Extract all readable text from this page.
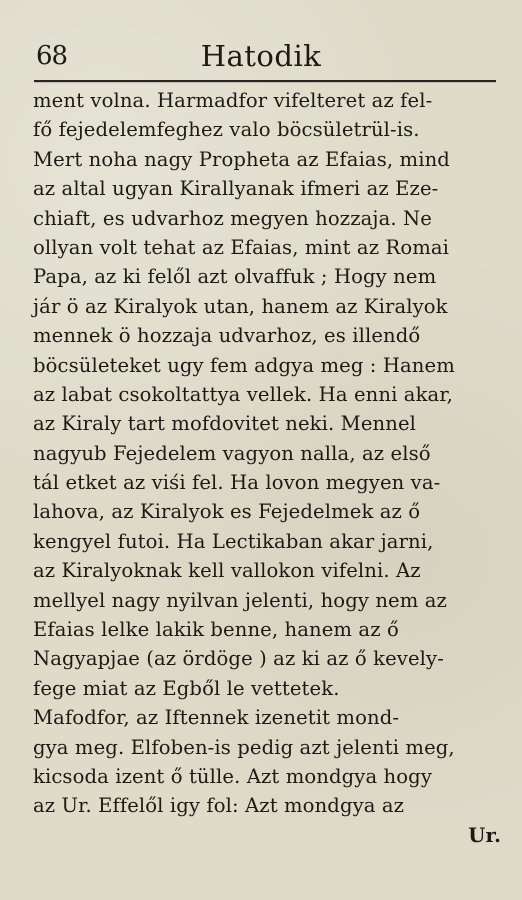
68	Hatodik
ment volna. Harmadfor vifelteret az fel-
fő fejedelemfeghez valo böcsületrül-is.
Mert noha nagy Propheta az Efaias, mind
az altal ugyan Kirallyanak ifmeri az Eze-
chiaft, es udvarhoz megyen hozzaja. Ne
ollyan volt tehat az Efaias, mint az Romai
Papa, az ki felől azt olvaffuk ; Hogy nem
jár ö az Kiralyok utan, hanem az Kiralyok
mennek ö hozzaja udvarhoz, es illendő
böcsületeket ugy fem adgya meg : Hanem
az labat csokoltattya vellek. Ha enni akar,
az Kiraly tart mofdovitet neki. Mennel
nagyub Fejedelem vagyon nalla, az első
tál etket az viśi fel. Ha lovon megyen va-
lahova, az Kiralyok es Fejedelmek az ő
kengyel futoi. Ha Lectikaban akar jarni,
az Kiralyoknak kell vallokon vifelni. Az
mellyel nagy nyilvan jelenti, hogy nem az
Efaias lelke lakik benne, hanem az ő
Nagyapjae (az ördöge ) az ki az ő kevely-
fege miat az Egből le vettetek.
Mafodfor, az Iftennek izenetit mond-
gya meg. Elfoben-is pedig azt jelenti meg,
kicsoda izent ő tülle. Azt mondgya hogy
az Ur. Effelől igy fol: Azt mondgya az
Ur.
